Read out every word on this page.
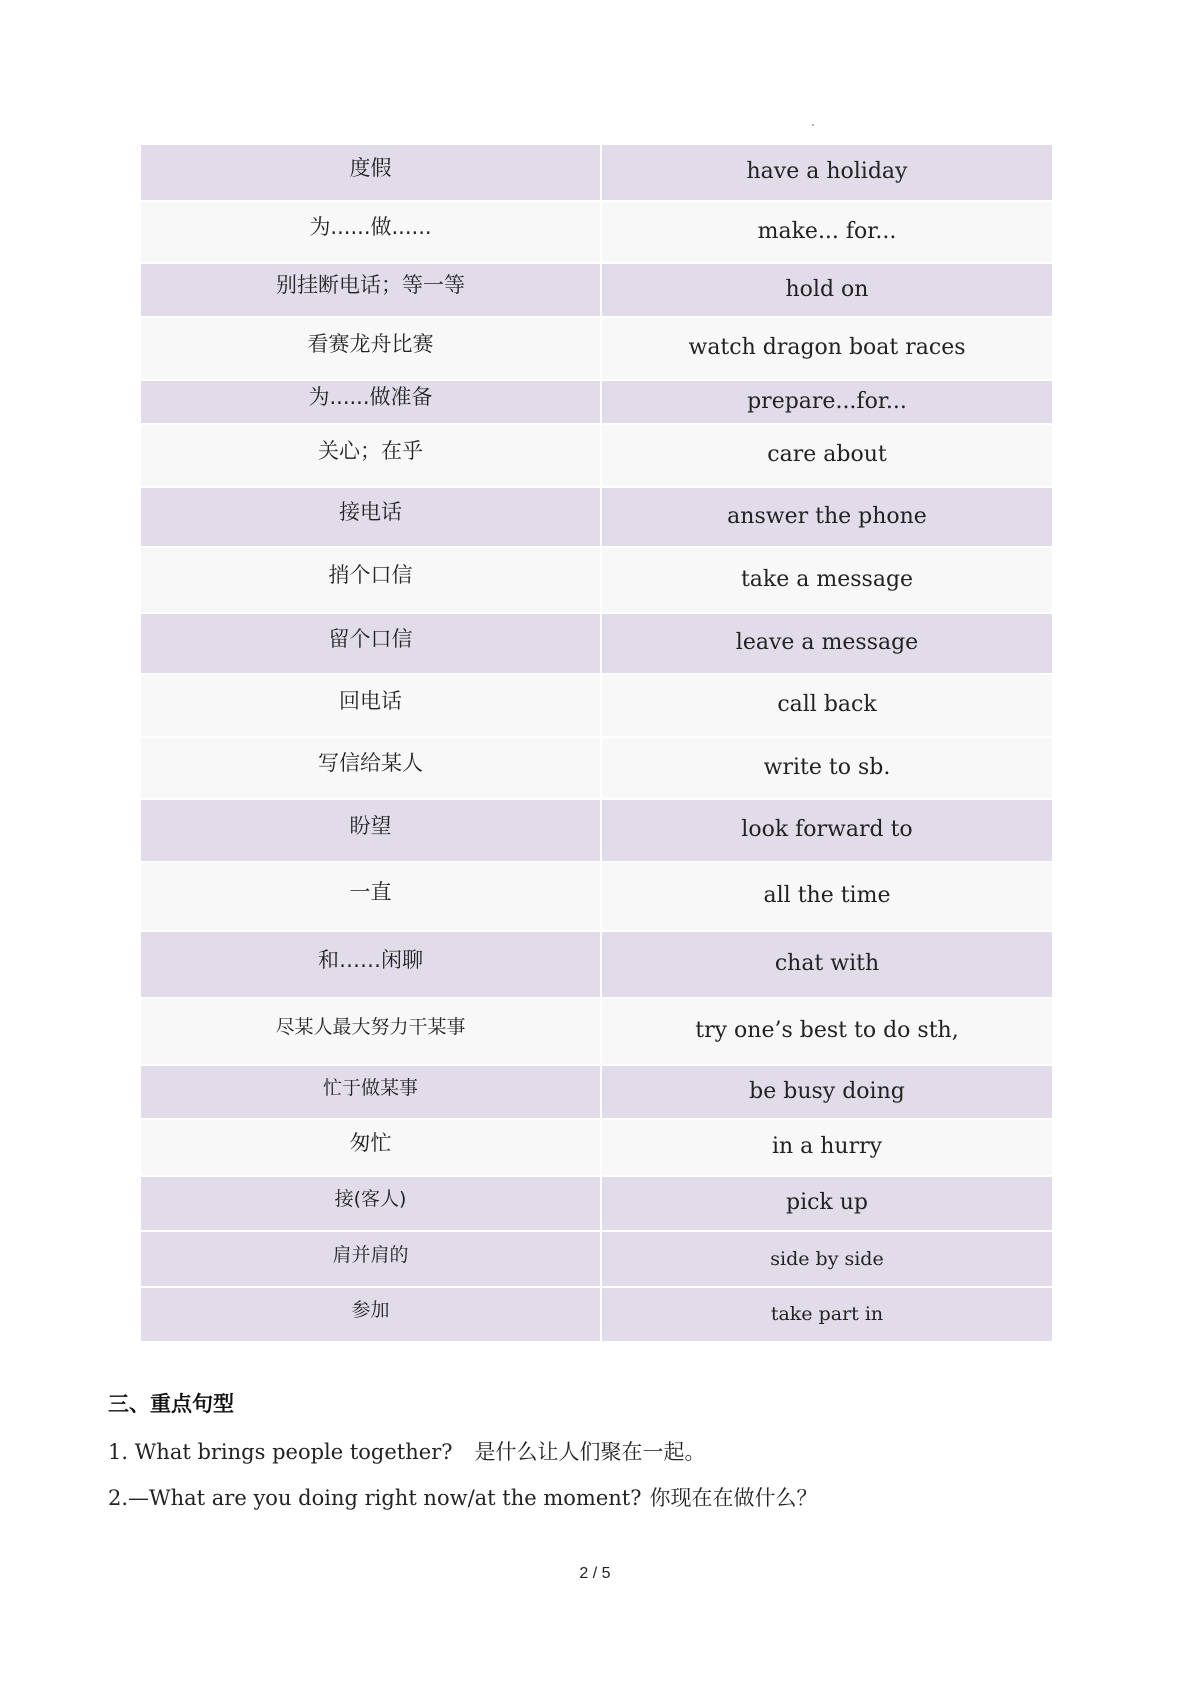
度假	have a holiday
为......做......	make... for...
别挂断电话；等一等	hold on
看赛龙舟比赛	watch dragon boat races
为......做准备	prepare...for...
关心；在乎	care about
接电话	answer the phone
捎个口信	take a message
留个口信	leave a message
回电话	call back
写信给某人	write to sb.
盼望	look forward to
一直	all the time
和……闲聊	chat with
尽某人最大努力干某事	try one’s best to do sth,
忙于做某事	be busy doing
匆忙	in a hurry
接(客人)	pick up
肩并肩的	side by side
参加	take part in
三、重点句型
1. What brings people together? 是什么让人们聚在一起。
2.—What are you doing right now/at the moment? 你现在在做什么？
2 / 5
